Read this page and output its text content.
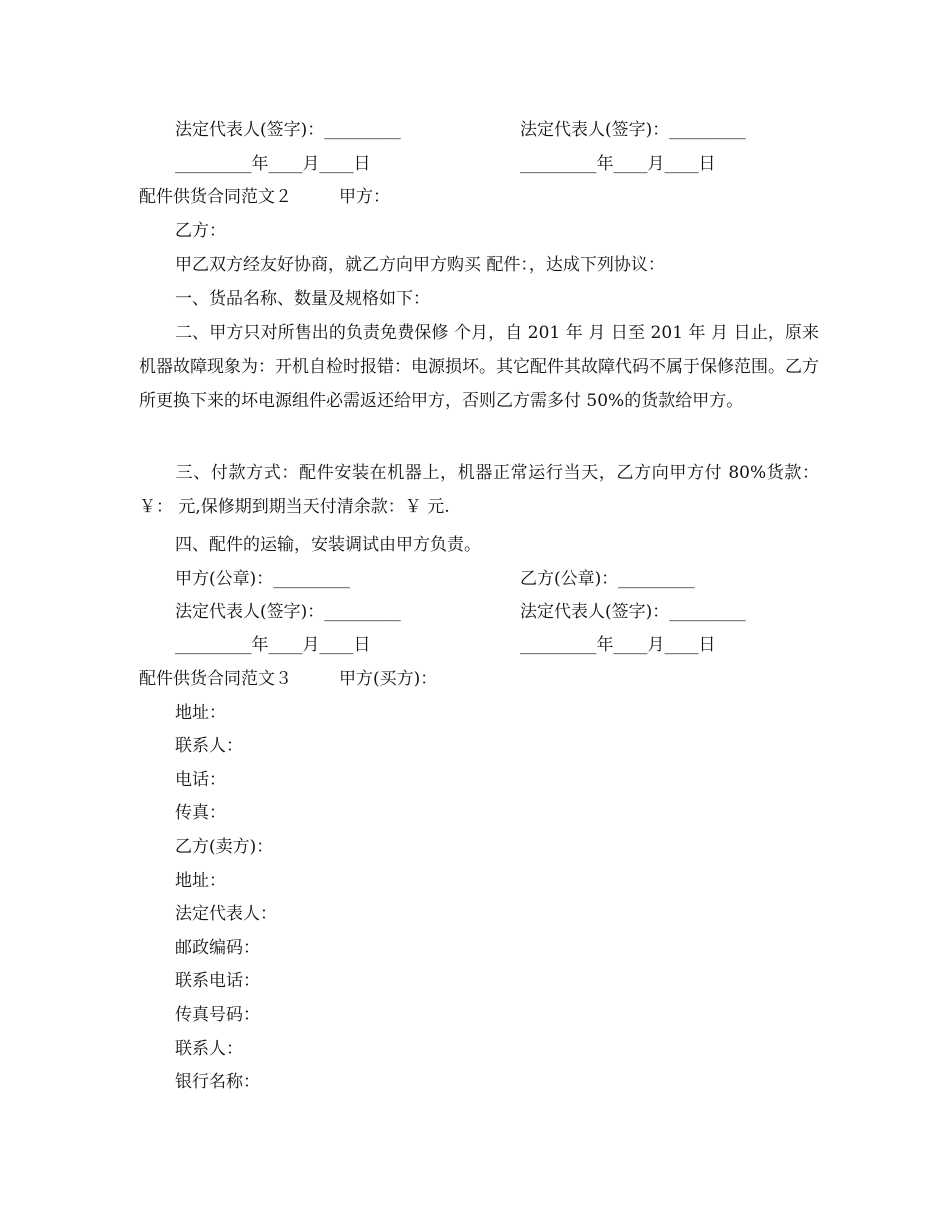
法定代表人(签字)：_________	法定代表人(签字)：_________
_________年____月____日	_________年____月____日
配件供货合同范文２	甲方：
乙方：
甲乙双方经友好协商，就乙方向甲方购买 配件：，达成下列协议：
一、货品名称、数量及规格如下：
二、甲方只对所售出的负责免费保修 个月，自 201 年 月 日至 201 年 月 日止，原来机器故障现象为：开机自检时报错：电源损坏。其它配件其故障代码不属于保修范围。乙方所更换下来的坏电源组件必需返还给甲方，否则乙方需多付 50%的货款给甲方。
三、付款方式：配件安装在机器上，机器正常运行当天，乙方向甲方付 80%货款：￥： 元,保修期到期当天付清余款：￥ 元.
四、配件的运输，安装调试由甲方负责。
甲方(公章)：_________	乙方(公章)：_________
法定代表人(签字)：_________	法定代表人(签字)：_________
_________年____月____日	_________年____月____日
配件供货合同范文３	甲方(买方)：
地址：
联系人：
电话：
传真：
乙方(卖方)：
地址：
法定代表人：
邮政编码：
联系电话：
传真号码：
联系人：
银行名称：
